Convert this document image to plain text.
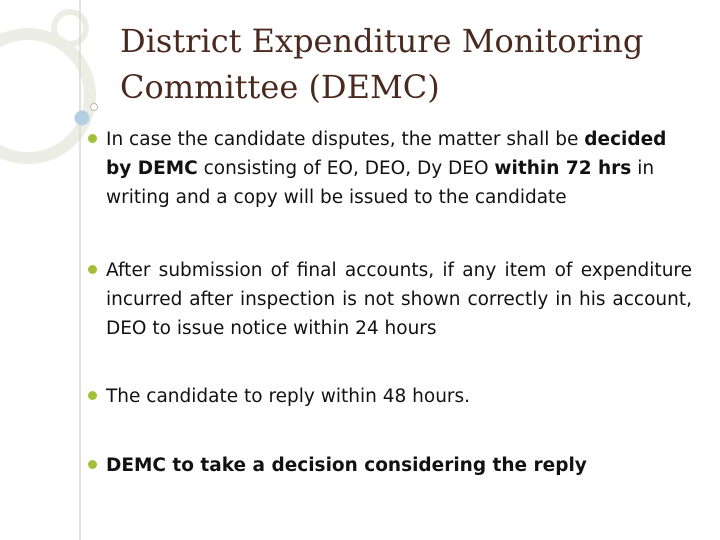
District Expenditure Monitoring
Committee (DEMC)
In case the candidate disputes, the matter shall be decided by DEMC consisting of EO, DEO, Dy DEO within 72 hrs in writing and a copy will be issued to the candidate
After submission of final accounts, if any item of expenditure incurred after inspection is not shown correctly in his account, DEO to issue notice within 24 hours
The candidate to reply within 48 hours.
DEMC to take a decision considering the reply
